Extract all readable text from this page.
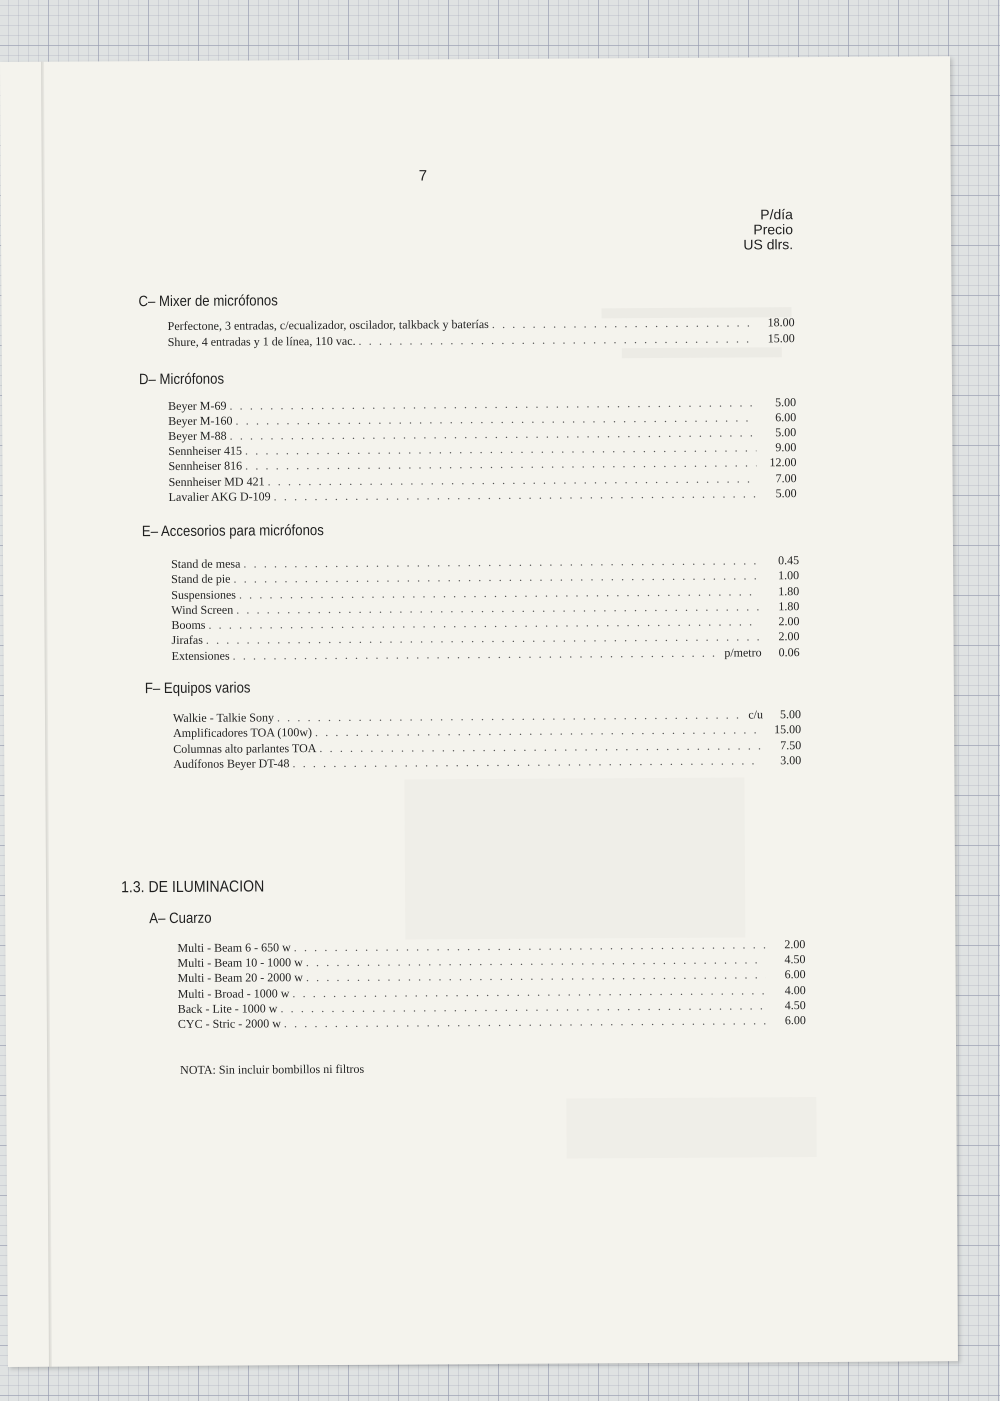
7
P/día
Precio
US dlrs.
C– Mixer de micrófonos
Perfectone, 3 entradas, c/ecualizador, oscilador, talkback y baterías . . .	18.00
Shure, 4 entradas y 1 de línea, 110 vac. . . .	15.00
D– Micrófonos
Beyer M-69 . . .	5.00
Beyer M-160 . . .	6.00
Beyer M-88 . . .	5.00
Sennheiser 415 . . .	9.00
Sennheiser 816 . . .	12.00
Sennheiser MD 421 . . .	7.00
Lavalier AKG D-109 . . .	5.00
E– Accesorios para micrófonos
Stand de mesa . . .	0.45
Stand de pie . . .	1.00
Suspensiones . . .	1.80
Wind Screen . . .	1.80
Booms . . .	2.00
Jirafas . . .	2.00
Extensiones . . .	p/metro	0.06
F– Equipos varios
Walkie - Talkie Sony . . .	c/u	5.00
Amplificadores TOA (100w) . . .	15.00
Columnas alto parlantes TOA . . .	7.50
Audífonos Beyer DT-48 . . .	3.00
1.3. DE ILUMINACION
A– Cuarzo
Multi - Beam 6 - 650 w . . .	2.00
Multi - Beam 10 - 1000 w . . .	4.50
Multi - Beam 20 - 2000 w . . .	6.00
Multi - Broad - 1000 w . . .	4.00
Back - Lite - 1000 w . . .	4.50
CYC - Stric - 2000 w . . .	6.00
NOTA: Sin incluir bombillos ni filtros
